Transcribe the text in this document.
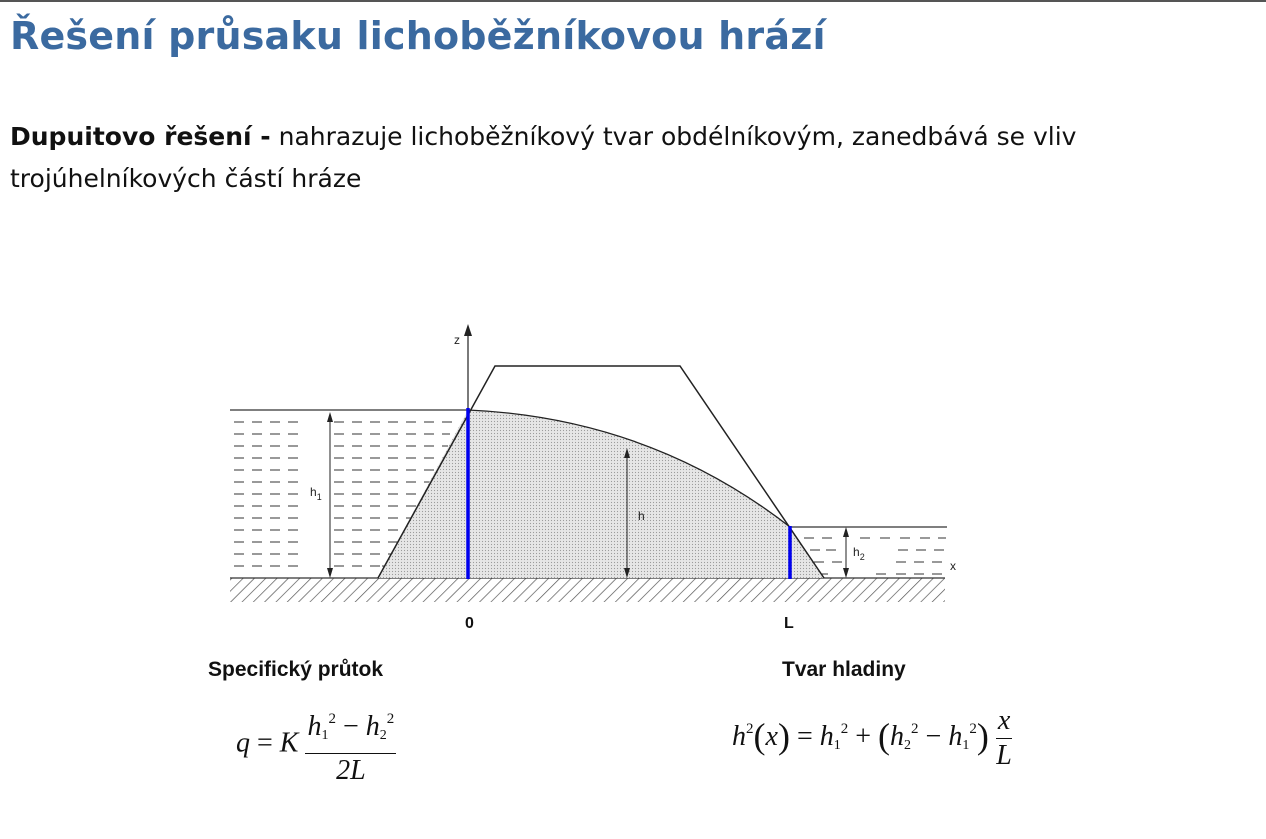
Řešení průsaku lichoběžníkovou hrází
Dupuitovo řešení - nahrazuje lichoběžníkový tvar obdélníkovým, zanedbává se vliv trojúhelníkových částí hráze
z
x
$h_1$
h
$h_2$
0	L
Specifický průtok	Tvar hladiny
q = K $\frac{h_1^2 - h_2^2}{2L}$	$h^2(x) = h_1^2 + (h_2^2 - h_1^2) \frac{x}{L}$
